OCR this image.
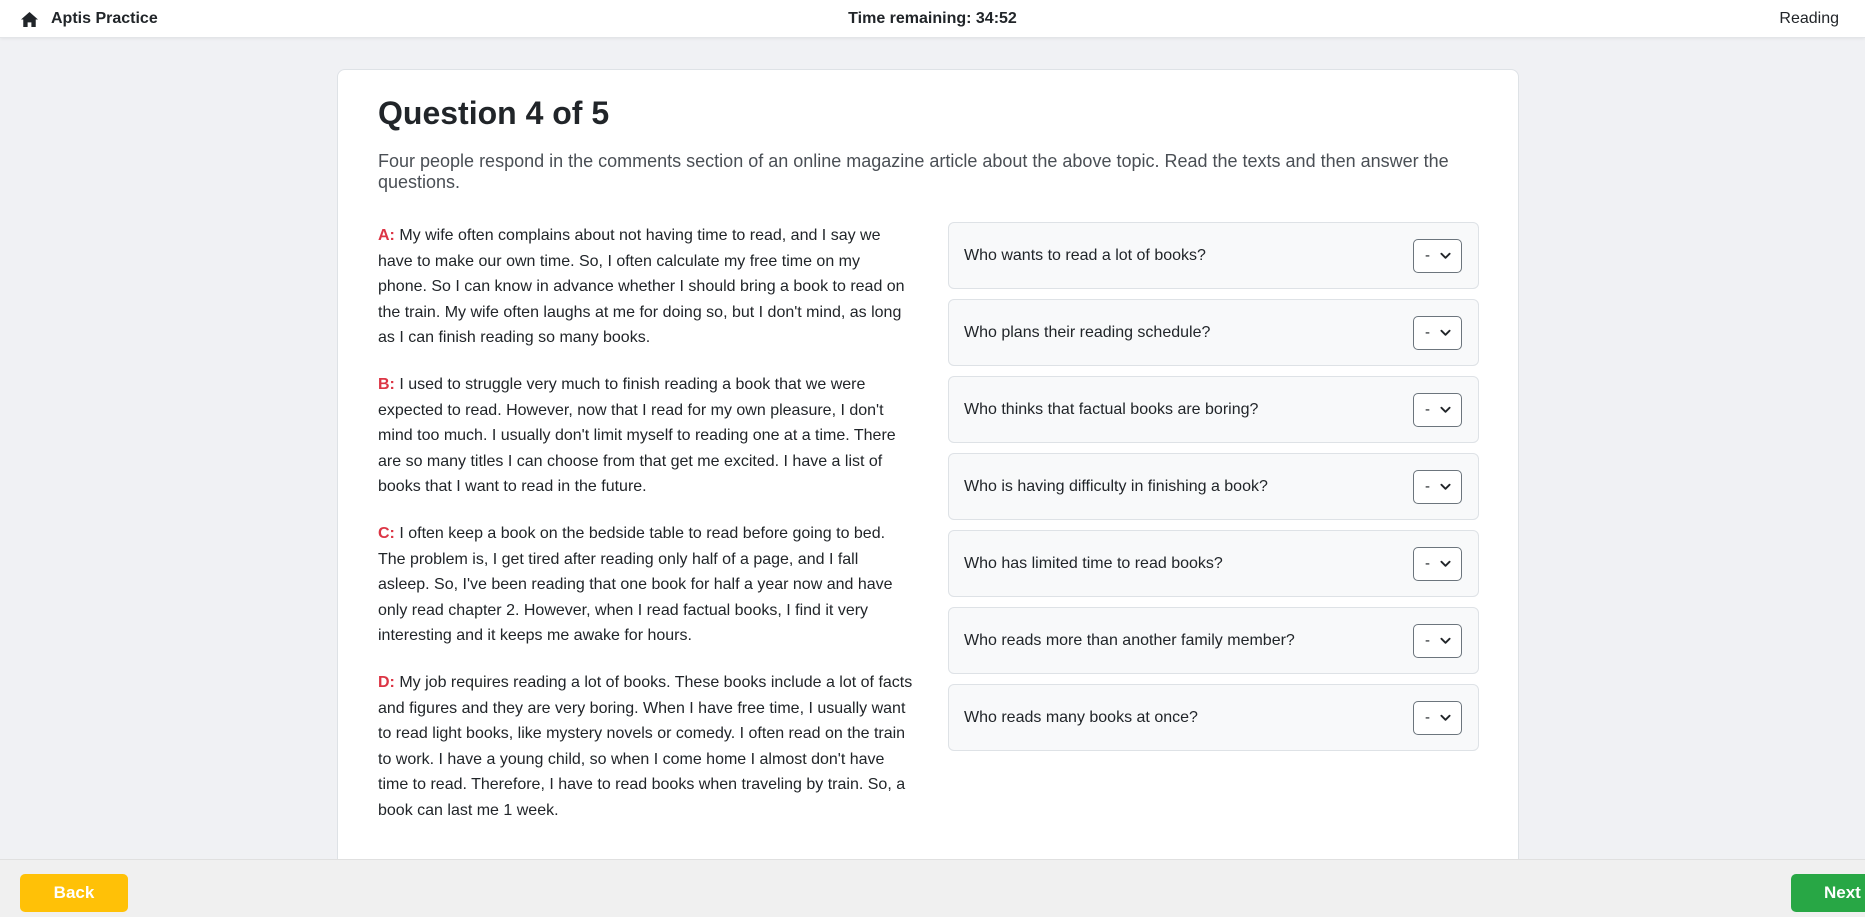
Time remaining: 34:52
Aptis Practice	Reading
Question 4 of 5
Four people respond in the comments section of an online magazine article about the above topic. Read the texts and then answer the questions.

A: My wife often complains about not having time to read, and I say we have to make our own time. So, I often calculate my free time on my phone. So I can know in advance whether I should bring a book to read on the train. My wife often laughs at me for doing so, but I don't mind, as long as I can finish reading so many books.

B: I used to struggle very much to finish reading a book that we were expected to read. However, now that I read for my own pleasure, I don't mind too much. I usually don't limit myself to reading one at a time. There are so many titles I can choose from that get me excited. I have a list of books that I want to read in the future.

C: I often keep a book on the bedside table to read before going to bed. The problem is, I get tired after reading only half of a page, and I fall asleep. So, I've been reading that one book for half a year now and have only read chapter 2. However, when I read factual books, I find it very interesting and it keeps me awake for hours.

D: My job requires reading a lot of books. These books include a lot of facts and figures and they are very boring. When I have free time, I usually want to read light books, like mystery novels or comedy. I often read on the train to work. I have a young child, so when I come home I almost don't have time to read. Therefore, I have to read books when traveling by train. So, a book can last me 1 week.

Who wants to read a lot of books?	-
Who plans their reading schedule?	-
Who thinks that factual books are boring?	-
Who is having difficulty in finishing a book?	-
Who has limited time to read books?	-
Who reads more than another family member?	-
Who reads many books at once?	-
Back	Next
